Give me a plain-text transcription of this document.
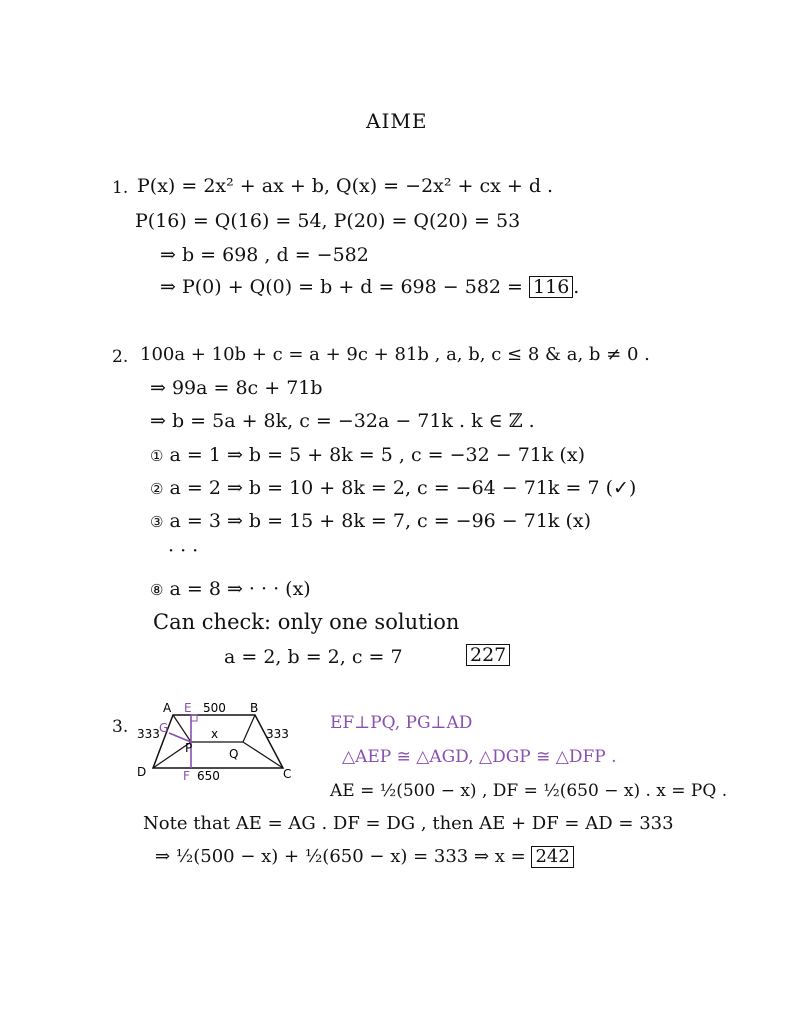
AIME
1. P(x) = 2x² + ax + b, Q(x) = −2x² + cx + d .
P(16) = Q(16) = 54, P(20) = Q(20) = 53
⇒ b = 698 , d = −582
⇒ P(0) + Q(0) = b + d = 698 − 582 = 116 .
2. 100a + 10b + c = a + 9c + 81b , a, b, c ≤ 8 & a, b ≠ 0 .
⇒ 99a = 8c + 71b
⇒ b = 5a + 8k, c = −32a − 71k . k ∈ ℤ .
① a = 1 ⇒ b = 5 + 8k = 5 , c = −32 − 71k (x)
② a = 2 ⇒ b = 10 + 8k = 2, c = −64 − 71k = 7 (✓)
③ a = 3 ⇒ b = 15 + 8k = 7, c = −96 − 71k (x)
· · ·
⑧ a = 8 ⇒ · · · (x)
Can check: only one solution
a = 2, b = 2, c = 7	227
3.
A E 500 B
333 G
P
x
Q
333
D	F 650	C
EF⊥PQ, PG⊥AD
△AEP ≅ △AGD, △DGP ≅ △DFP .
AE = ½(500 − x) , DF = ½(650 − x) . x = PQ .
Note that AE = AG . DF = DG , then AE + DF = AD = 333
⇒ ½(500 − x) + ½(650 − x) = 333 ⇒ x = 242
